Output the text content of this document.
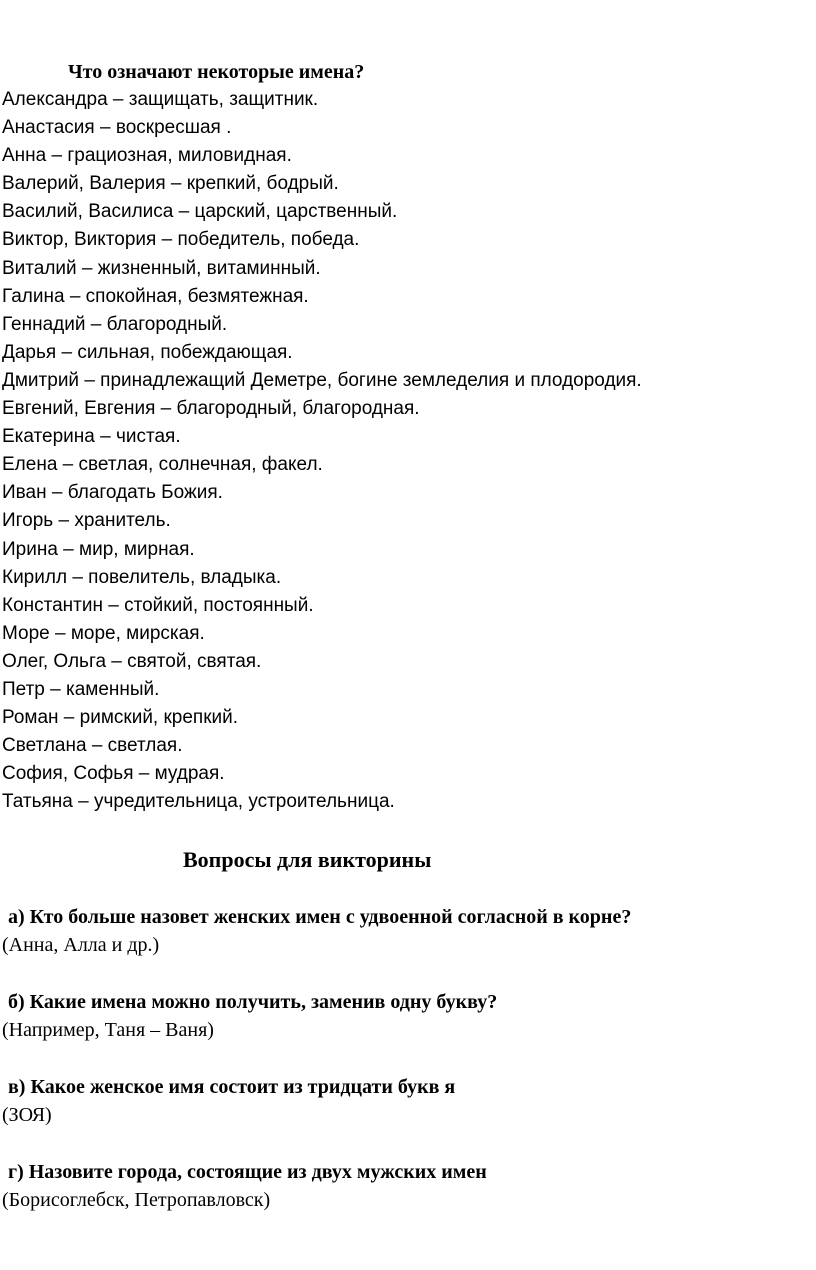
Что означают некоторые имена?
Александра – защищать, защитник.
Анастасия – воскресшая .
Анна – грациозная, миловидная.
Валерий, Валерия – крепкий, бодрый.
Василий, Василиса – царский, царственный.
Виктор, Виктория – победитель, победа.
Виталий – жизненный, витаминный.
Галина – спокойная, безмятежная.
Геннадий – благородный.
Дарья – сильная, побеждающая.
Дмитрий – принадлежащий Деметре, богине земледелия и плодородия.
Евгений, Евгения – благородный, благородная.
Екатерина – чистая.
Елена – светлая, солнечная, факел.
Иван – благодать Божия.
Игорь – хранитель.
Ирина – мир, мирная.
Кирилл – повелитель, владыка.
Константин – стойкий, постоянный.
Море – море, мирская.
Олег, Ольга – святой, святая.
Петр – каменный.
Роман – римский, крепкий.
Светлана – светлая.
София, Софья – мудрая.
Татьяна – учредительница, устроительница.
Вопросы для викторины
а) Кто больше назовет женских имен с удвоенной согласной в корне?
(Анна, Алла и др.)
б) Какие имена можно получить, заменив одну букву?
(Например, Таня – Ваня)
в) Какое женское имя состоит из тридцати букв я
(ЗОЯ)
г) Назовите города, состоящие из двух мужских имен
(Борисоглебск, Петропавловск)
